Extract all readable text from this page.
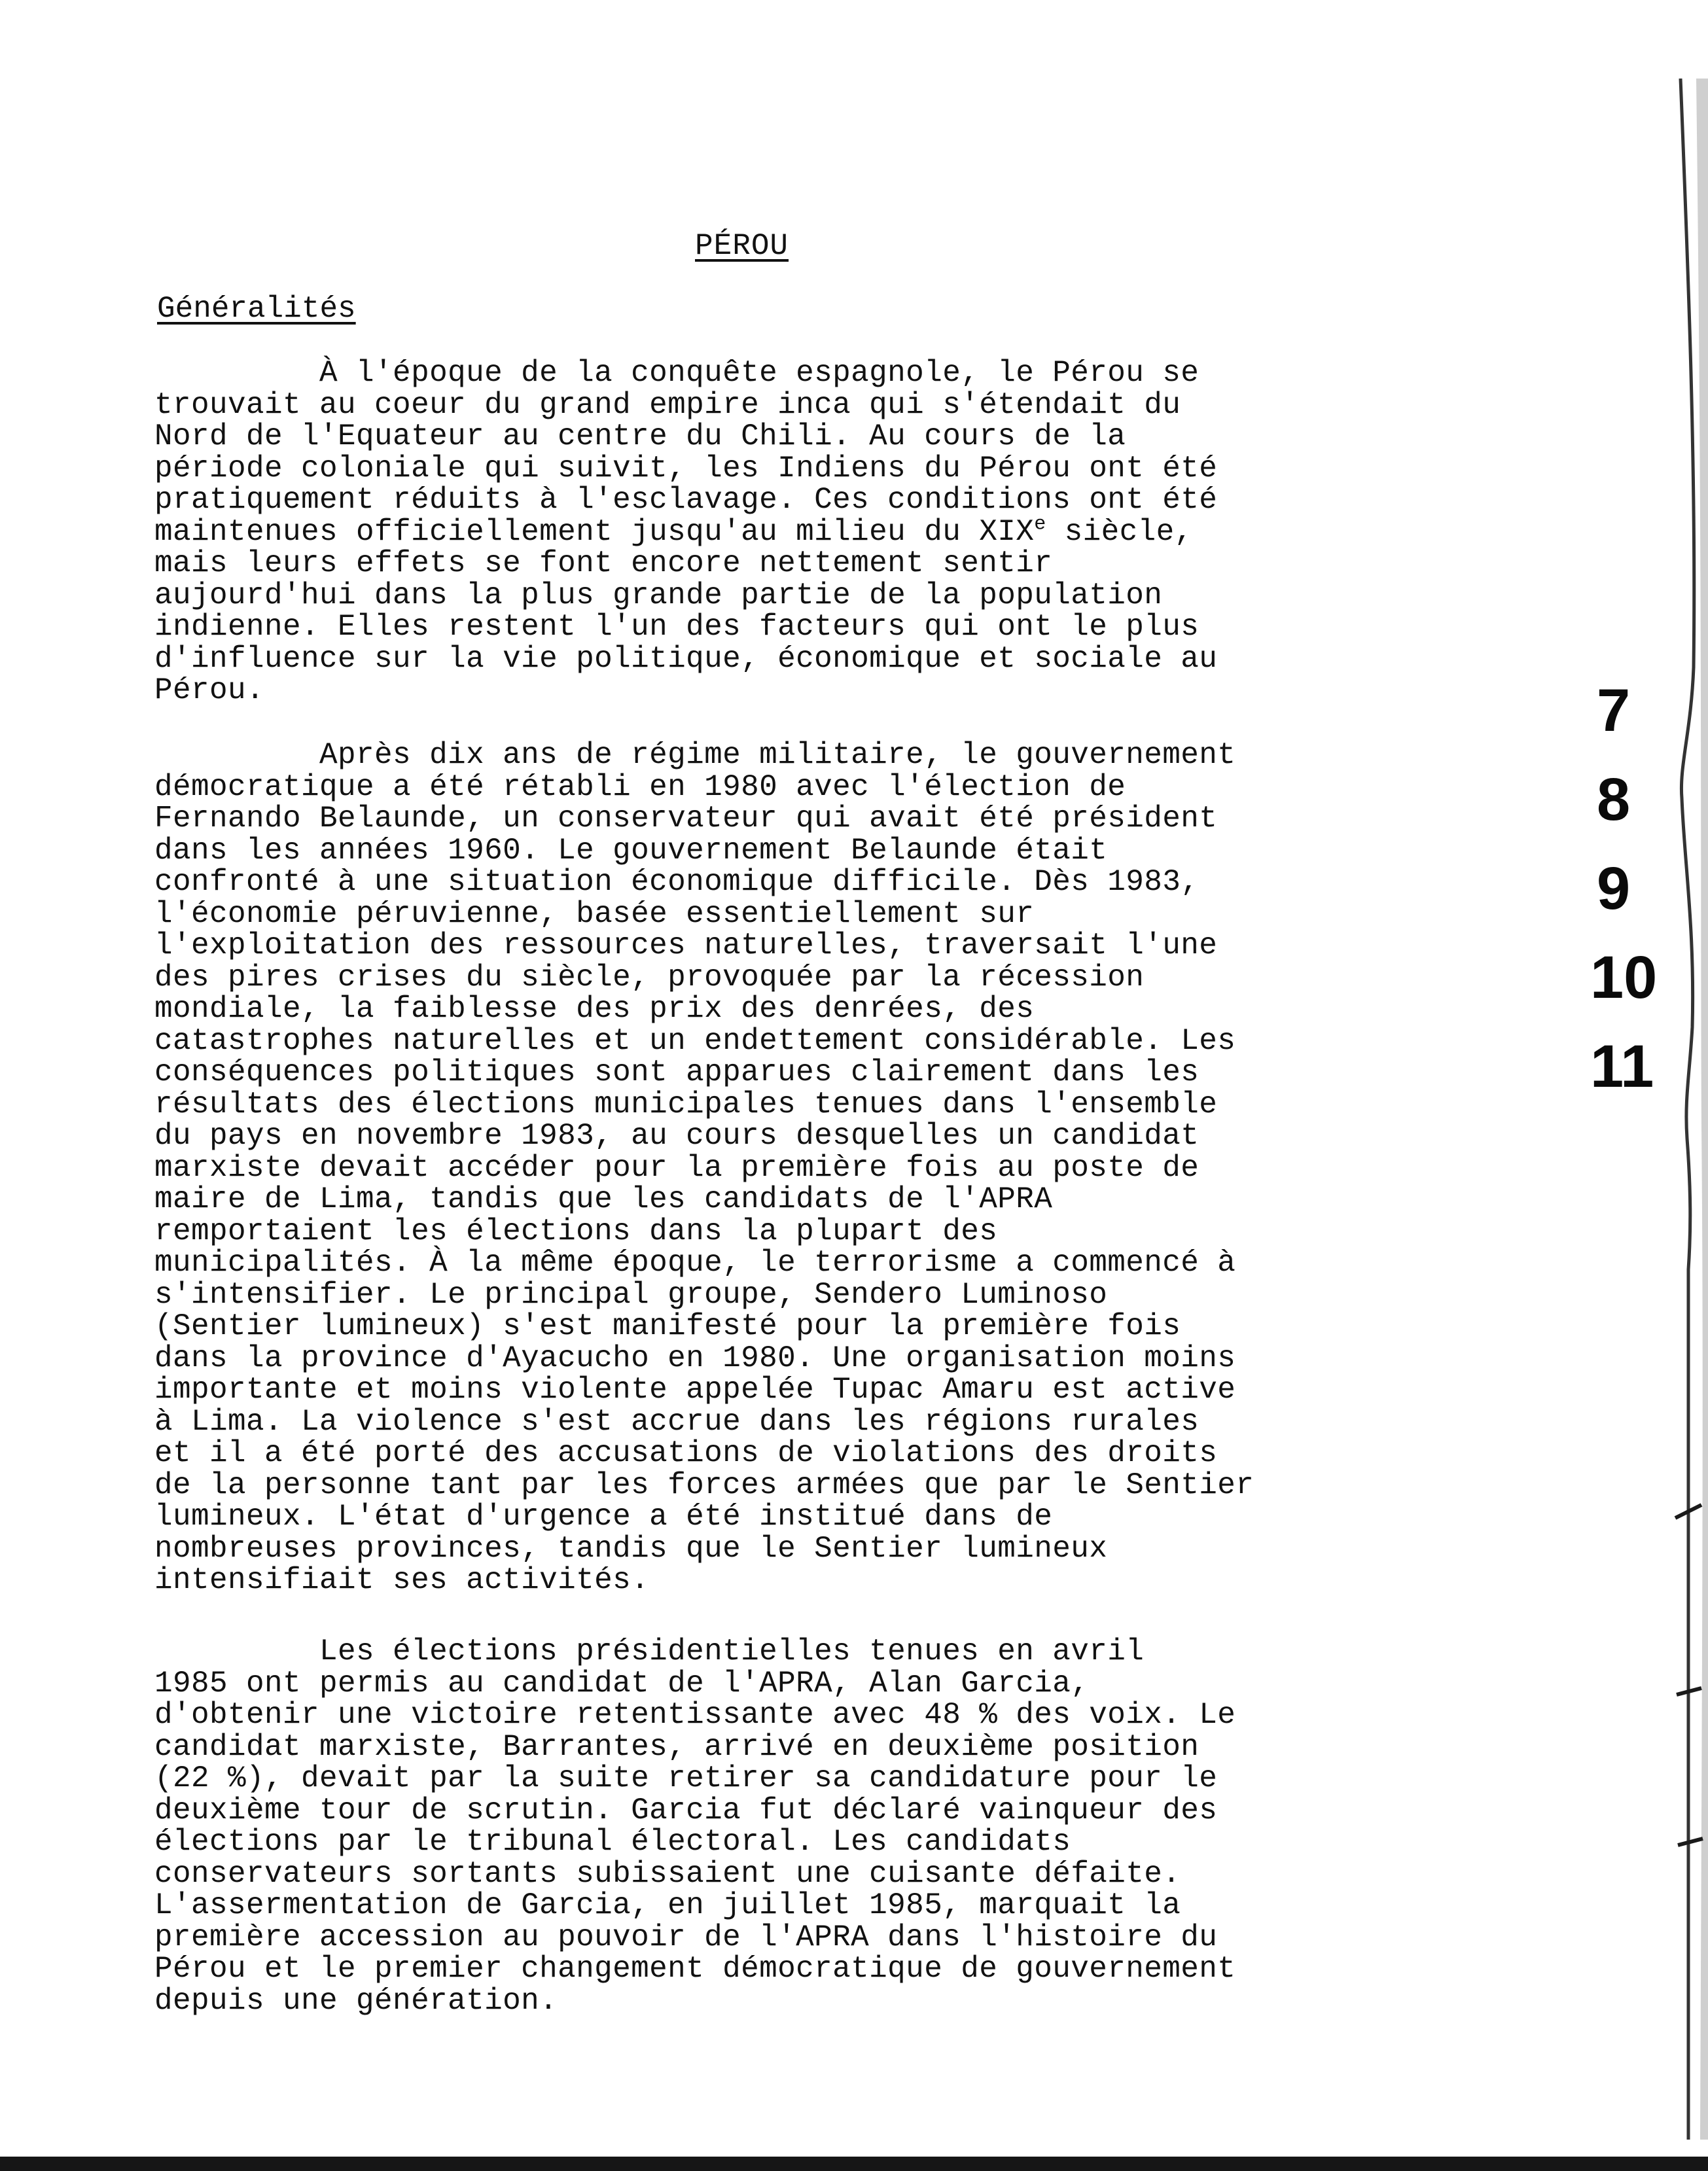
PÉROU
Généralités

À l'époque de la conquête espagnole, le Pérou se
trouvait au coeur du grand empire inca qui s'étendait du
Nord de l'Equateur au centre du Chili. Au cours de la
période coloniale qui suivit, les Indiens du Pérou ont été
pratiquement réduits à l'esclavage. Ces conditions ont été
maintenues officiellement jusqu'au milieu du XIXe siècle,
mais leurs effets se font encore nettement sentir
aujourd'hui dans la plus grande partie de la population
indienne. Elles restent l'un des facteurs qui ont le plus
d'influence sur la vie politique, économique et sociale au
Pérou.

Après dix ans de régime militaire, le gouvernement
démocratique a été rétabli en 1980 avec l'élection de
Fernando Belaunde, un conservateur qui avait été président
dans les années 1960. Le gouvernement Belaunde était
confronté à une situation économique difficile. Dès 1983,
l'économie péruvienne, basée essentiellement sur
l'exploitation des ressources naturelles, traversait l'une
des pires crises du siècle, provoquée par la récession
mondiale, la faiblesse des prix des denrées, des
catastrophes naturelles et un endettement considérable. Les
conséquences politiques sont apparues clairement dans les
résultats des élections municipales tenues dans l'ensemble
du pays en novembre 1983, au cours desquelles un candidat
marxiste devait accéder pour la première fois au poste de
maire de Lima, tandis que les candidats de l'APRA
remportaient les élections dans la plupart des
municipalités. À la même époque, le terrorisme a commencé à
s'intensifier. Le principal groupe, Sendero Luminoso
(Sentier lumineux) s'est manifesté pour la première fois
dans la province d'Ayacucho en 1980. Une organisation moins
importante et moins violente appelée Tupac Amaru est active
à Lima. La violence s'est accrue dans les régions rurales
et il a été porté des accusations de violations des droits
de la personne tant par les forces armées que par le Sentier
lumineux. L'état d'urgence a été institué dans de
nombreuses provinces, tandis que le Sentier lumineux
intensifiait ses activités.

Les élections présidentielles tenues en avril
1985 ont permis au candidat de l'APRA, Alan Garcia,
d'obtenir une victoire retentissante avec 48 % des voix. Le
candidat marxiste, Barrantes, arrivé en deuxième position
(22 %), devait par la suite retirer sa candidature pour le
deuxième tour de scrutin. Garcia fut déclaré vainqueur des
élections par le tribunal électoral. Les candidats
conservateurs sortants subissaient une cuisante défaite.
L'assermentation de Garcia, en juillet 1985, marquait la
première accession au pouvoir de l'APRA dans l'histoire du
Pérou et le premier changement démocratique de gouvernement
depuis une génération.

7
8
9
10
11
